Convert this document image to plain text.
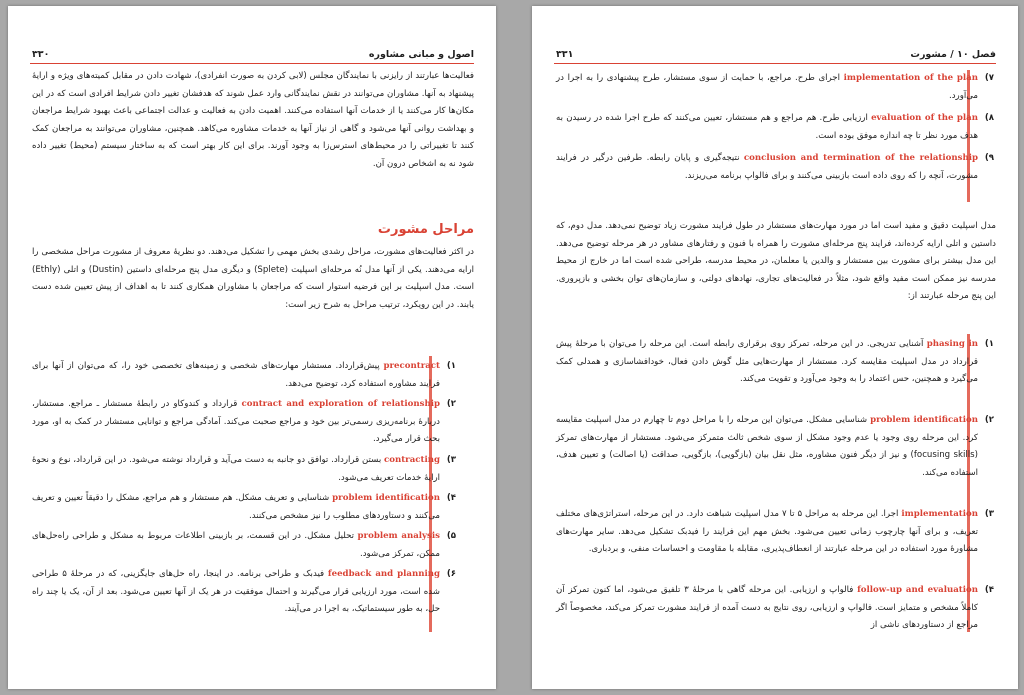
اصول و مبانی مشاوره
۳۳۰

فعالیت‌ها عبارتند از رایزنی با نمایندگان مجلس (لابی کردن به صورت انفرادی)، شهادت دادن در مقابل کمیته‌های ویژه و ارایهٔ پیشنهاد به آنها. مشاوران می‌توانند در نقش نمایندگانی وارد عمل شوند که هدفشان تغییر دادن شرایط افرادی است که در این مکان‌ها کار می‌کنند یا از خدمات آنها استفاده می‌کنند. اهمیت دادن به فعالیت و عدالت اجتماعی باعث بهبود شرایط مراجعان و بهداشت روانی آنها می‌شود و گاهی از نیاز آنها به خدمات مشاوره می‌کاهد. همچنین، مشاوران می‌توانند به مراجعان کمک کنند تا تغییراتی را در محیط‌های استرس‌زا به وجود آورند. برای این کار بهتر است که به ساختار سیستم (محیط) تغییر داده شود نه به اشخاص درون آن.

مراحل مشورت

در اکثر فعالیت‌های مشورت، مراحل رشدی بخش مهمی را تشکیل می‌دهند. دو نظریهٔ معروف از مشورت مراحل مشخصی را ارایه می‌دهند. یکی از آنها مدل نُه مرحله‌ای اسپلیت (Splete) و دیگری مدل پنج مرحله‌ای داستین (Dustin) و اتلی (Ethly) است. مدل اسپلیت بر این فرضیه استوار است که مراجعان با مشاوران همکاری کنند تا به اهداف از پیش تعیین شده دست یابند. در این رویکرد، ترتیب مراحل به شرح زیر است:

۱)
precontract پیش‌قرارداد. مستشار مهارت‌های شخصی و زمینه‌های تخصصی خود را، که می‌توان از آنها برای فرایند مشاوره استفاده کرد، توضیح می‌دهد.
۲)
contract and exploration of relationship قرارداد و کندوکاو در رابطهٔ مستشار ـ مراجع. مستشار، دربارهٔ برنامه‌ریزی رسمی‌تر بین خود و مراجع صحبت می‌کند. آمادگی مراجع و توانایی مستشار در کمک به او، مورد بحث قرار می‌گیرد.
۳)
contracting بستن قرارداد. توافق دو جانبه به دست می‌آید و قرارداد نوشته می‌شود. در این قرارداد، نوع و نحوهٔ ارایهٔ خدمات تعریف می‌شود.
۴)
problem identification شناسایی و تعریف مشکل. هم مستشار و هم مراجع، مشکل را دقیقاً تعیین و تعریف می‌کنند و دستاوردهای مطلوب را نیز مشخص می‌کنند.
۵)
problem analysis تحلیل مشکل. در این قسمت، بر بازبینی اطلاعات مربوط به مشکل و طراحی راه‌حل‌های ممکن، تمرکز می‌شود.
۶)
feedback and planning فیدبک و طراحی برنامه. در اینجا، راه حل‌های جایگزینی، که در مرحلهٔ ۵ طراحی شده است، مورد ارزیابی قرار می‌گیرند و احتمال موفقیت در هر یک از آنها تعیین می‌شود. بعد از آن، یک یا چند راه حل، به طور سیستماتیک، به اجرا در می‌آیند.
فصل ۱۰ / مشورت
۳۳۱
۷)
implementation of the plan اجرای طرح. مراجع، با حمایت از سوی مستشار، طرح پیشنهادی را به اجرا در می‌آورد.
۸)
evaluation of the plan ارزیابی طرح. هم مراجع و هم مستشار، تعیین می‌کنند که طرح اجرا شده در رسیدن به هدف مورد نظر تا چه اندازه موفق بوده است.
۹)
conclusion and termination of the relationship نتیجه‌گیری و پایان رابطه. طرفین درگیر در فرایند مشورت، آنچه را که روی داده است بازبینی می‌کنند و برای فالواپ برنامه می‌ریزند.

مدل اسپلیت دقیق و مفید است اما در مورد مهارت‌های مستشار در طول فرایند مشورت زیاد توضیح نمی‌دهد. مدل دوم، که داستین و اتلی ارایه کرده‌اند، فرایند پنج مرحله‌ای مشورت را همراه با فنون و رفتارهای مشاور در هر مرحله توضیح می‌دهد. این مدل بیشتر برای مشورت بین مستشار و والدین یا معلمان، در محیط مدرسه، طراحی شده است اما در خارج از محیط مدرسه نیز ممکن است مفید واقع شود، مثلاً در فعالیت‌های تجاری، نهادهای دولتی، و سازمان‌های توان بخشی و بازپروری. این پنج مرحله عبارتند از:

۱)
phasing in آشنایی تدریجی. در این مرحله، تمرکز روی برقراری رابطه است. این مرحله را می‌توان با مرحلهٔ پیش قرارداد در مدل اسپلیت مقایسه کرد. مستشار از مهارت‌هایی مثل گوش دادن فعال، خودافشاسازی و همدلی کمک می‌گیرد و همچنین، حس اعتماد را به وجود می‌آورد و تقویت می‌کند.
۲)
problem identification شناسایی مشکل. می‌توان این مرحله را با مراحل دوم تا چهارم در مدل اسپلیت مقایسه کرد. این مرحله روی وجود یا عدم وجود مشکل از سوی شخص ثالث متمرکز می‌شود. مستشار از مهارت‌های تمرکز (focusing skills) و نیز از دیگر فنون مشاوره، مثل نقل بیان (بازگویی)، بازگویی، صداقت (یا اصالت) و تعیین هدف، استفاده می‌کند.
۳)
implementation اجرا. این مرحله به مراحل ۵ تا ۷ مدل اسپلیت شباهت دارد. در این مرحله، استراتژی‌های مختلف تعریف، و برای آنها چارچوب زمانی تعیین می‌شود. بخش مهم این فرایند را فیدبک تشکیل می‌دهد. سایر مهارت‌های مشاورهٔ مورد استفاده در این مرحله عبارتند از انعطاف‌پذیری، مقابله با مقاومت و احساسات منفی، و بردباری.
۴)
follow-up and evaluation فالواپ و ارزیابی. این مرحله گاهی با مرحلهٔ ۳ تلفیق می‌شود، اما کنون تمرکز آن کاملاً مشخص و متمایز است. فالواپ و ارزیابی، روی نتایج به دست آمده از فرایند مشورت تمرکز می‌کند، مخصوصاً اگر مراجع از دستاوردهای ناشی از
